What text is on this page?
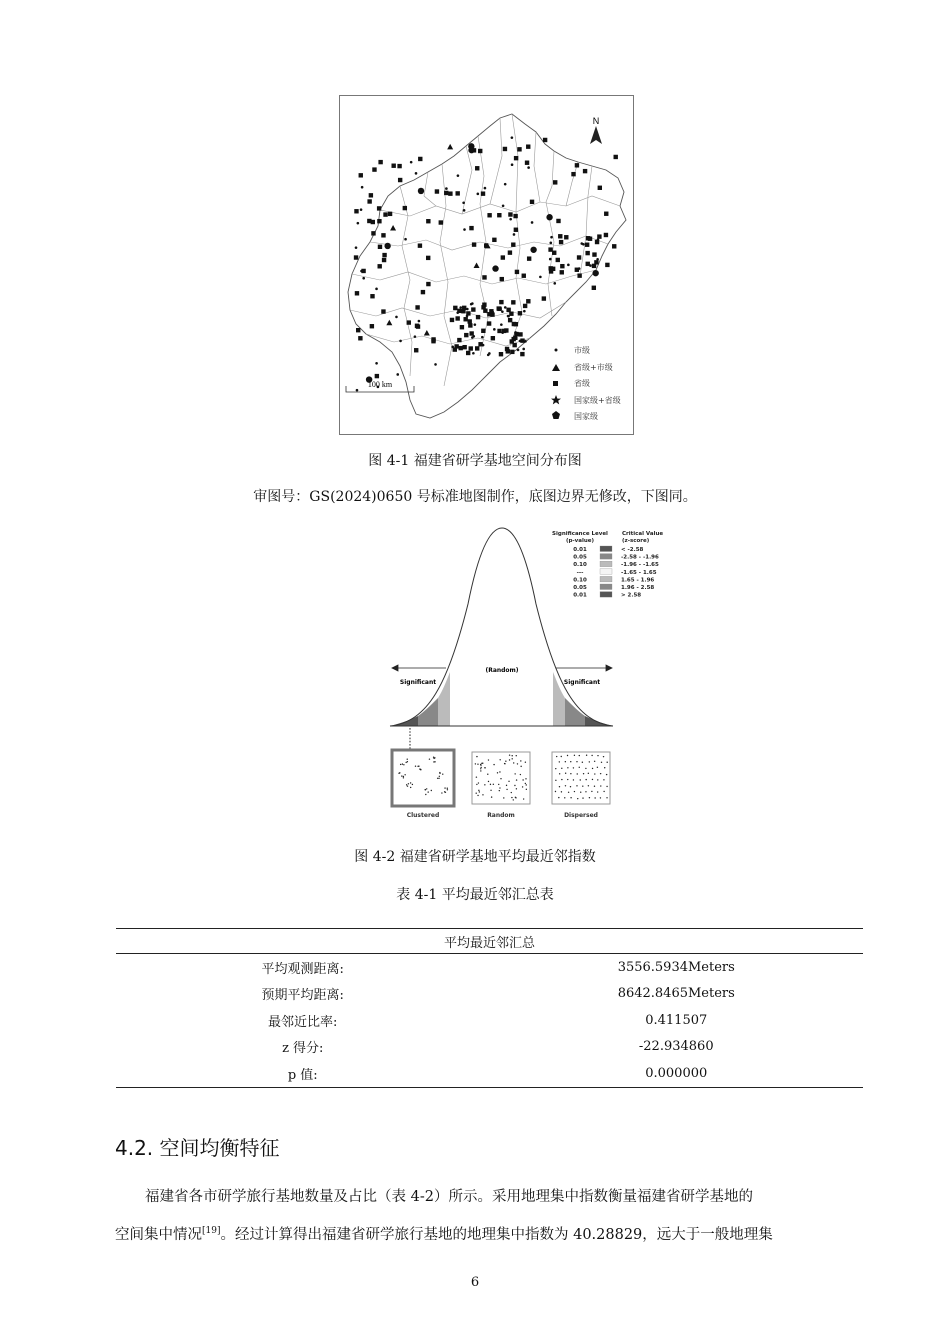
N
100 km
市级
省级+市级
省级
国家级+省级
国家级
图 4-1 福建省研学基地空间分布图
审图号：GS(2024)0650 号标准地图制作，底图边界无修改，下图同。
(Random)
Significant	Significant
Significance Level
(p-value)
Critical Value
(z-score)
0.01	< -2.58
0.05	-2.58 - -1.96
0.10	-1.96 - -1.65
---	-1.65 - 1.65
0.10	1.65 - 1.96
0.05	1.96 - 2.58
0.01	> 2.58
Clustered	Random	Dispersed
图 4-2 福建省研学基地平均最近邻指数
表 4-1 平均最近邻汇总表
平均最近邻汇总	
平均观测距离:	3556.5934Meters
预期平均距离:	8642.8465Meters
最邻近比率:	0.411507
z 得分:	-22.934860
p 值:	0.000000
4.2. 空间均衡特征

福建省各市研学旅行基地数量及占比（表 4-2）所示。采用地理集中指数衡量福建省研学基地的

空间集中情况[19]。经过计算得出福建省研学旅行基地的地理集中指数为 40.28829，远大于一般地理集

6
